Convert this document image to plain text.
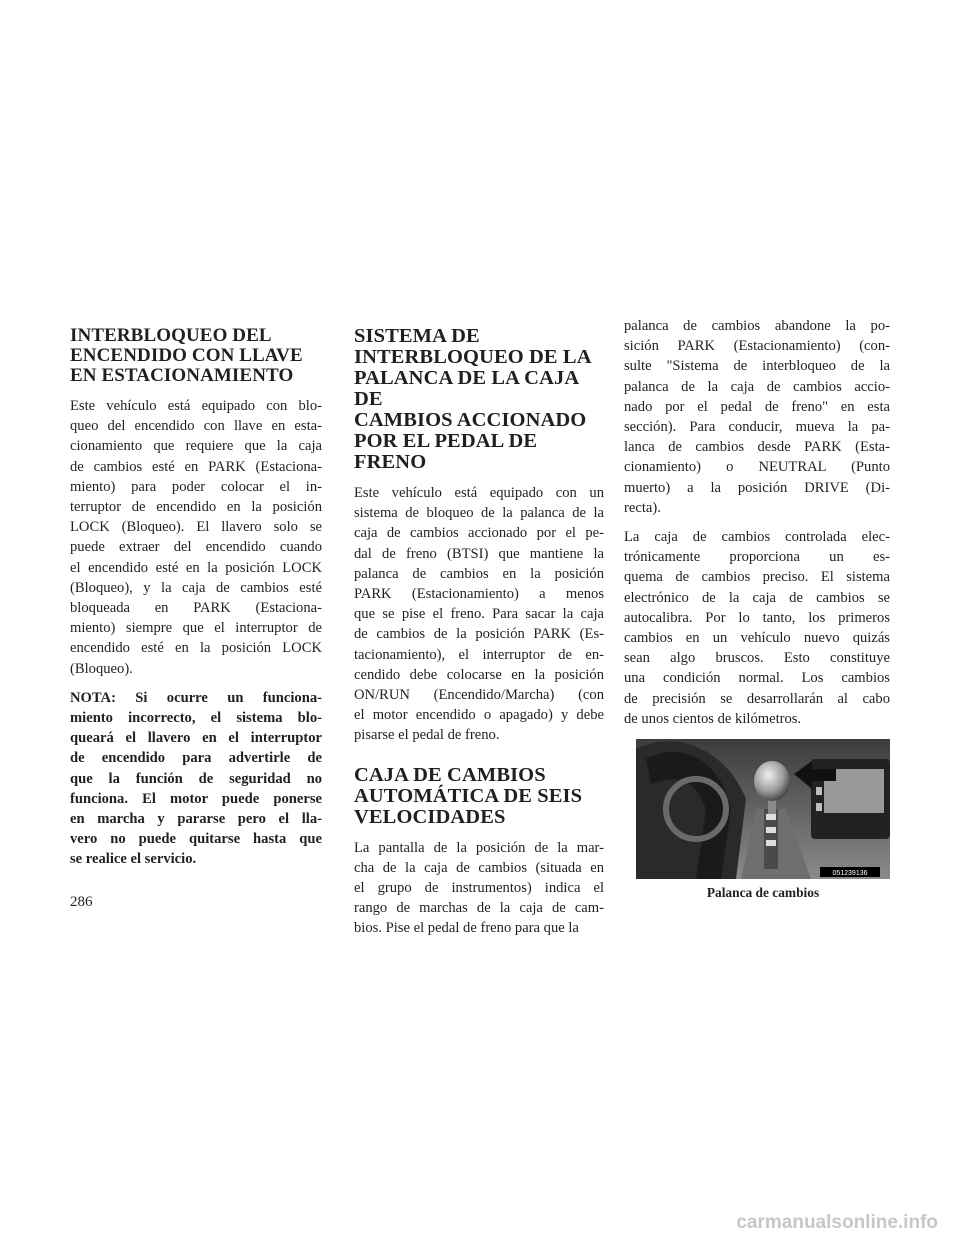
INTERBLOQUEO DEL
ENCENDIDO CON LLAVE
EN ESTACIONAMIENTO

Este vehículo está equipado con blo-
queo del encendido con llave en esta-
cionamiento que requiere que la caja
de cambios esté en PARK (Estaciona-
miento) para poder colocar el in-
terruptor de encendido en la posición
LOCK (Bloqueo). El llavero solo se
puede extraer del encendido cuando
el encendido esté en la posición LOCK
(Bloqueo), y la caja de cambios esté
bloqueada en PARK (Estaciona-
miento) siempre que el interruptor de
encendido esté en la posición LOCK
(Bloqueo).

NOTA: Si ocurre un funciona-
miento incorrecto, el sistema blo-
queará el llavero en el interruptor
de encendido para advertirle de
que la función de seguridad no
funciona. El motor puede ponerse
en marcha y pararse pero el lla-
vero no puede quitarse hasta que
se realice el servicio.

SISTEMA DE
INTERBLOQUEO DE LA
PALANCA DE LA CAJA DE
CAMBIOS ACCIONADO
POR EL PEDAL DE FRENO

Este vehículo está equipado con un
sistema de bloqueo de la palanca de la
caja de cambios accionado por el pe-
dal de freno (BTSI) que mantiene la
palanca de cambios en la posición
PARK (Estacionamiento) a menos
que se pise el freno. Para sacar la caja
de cambios de la posición PARK (Es-
tacionamiento), el interruptor de en-
cendido debe colocarse en la posición
ON/RUN (Encendido/Marcha) (con
el motor encendido o apagado) y debe
pisarse el pedal de freno.

CAJA DE CAMBIOS
AUTOMÁTICA DE SEIS
VELOCIDADES

La pantalla de la posición de la mar-
cha de la caja de cambios (situada en
el grupo de instrumentos) indica el
rango de marchas de la caja de cam-
bios. Pise el pedal de freno para que la

palanca de cambios abandone la po-
sición PARK (Estacionamiento) (con-
sulte "Sistema de interbloqueo de la
palanca de la caja de cambios accio-
nado por el pedal de freno" en esta
sección). Para conducir, mueva la pa-
lanca de cambios desde PARK (Esta-
cionamiento) o NEUTRAL (Punto
muerto) a la posición DRIVE (Di-
recta).

La caja de cambios controlada elec-
trónicamente proporciona un es-
quema de cambios preciso. El sistema
electrónico de la caja de cambios se
autocalibra. Por lo tanto, los primeros
cambios en un vehículo nuevo quizás
sean algo bruscos. Esto constituye
una condición normal. Los cambios
de precisión se desarrollarán al cabo
de unos cientos de kilómetros.

051239136
Palanca de cambios
286
carmanualsonline.info
